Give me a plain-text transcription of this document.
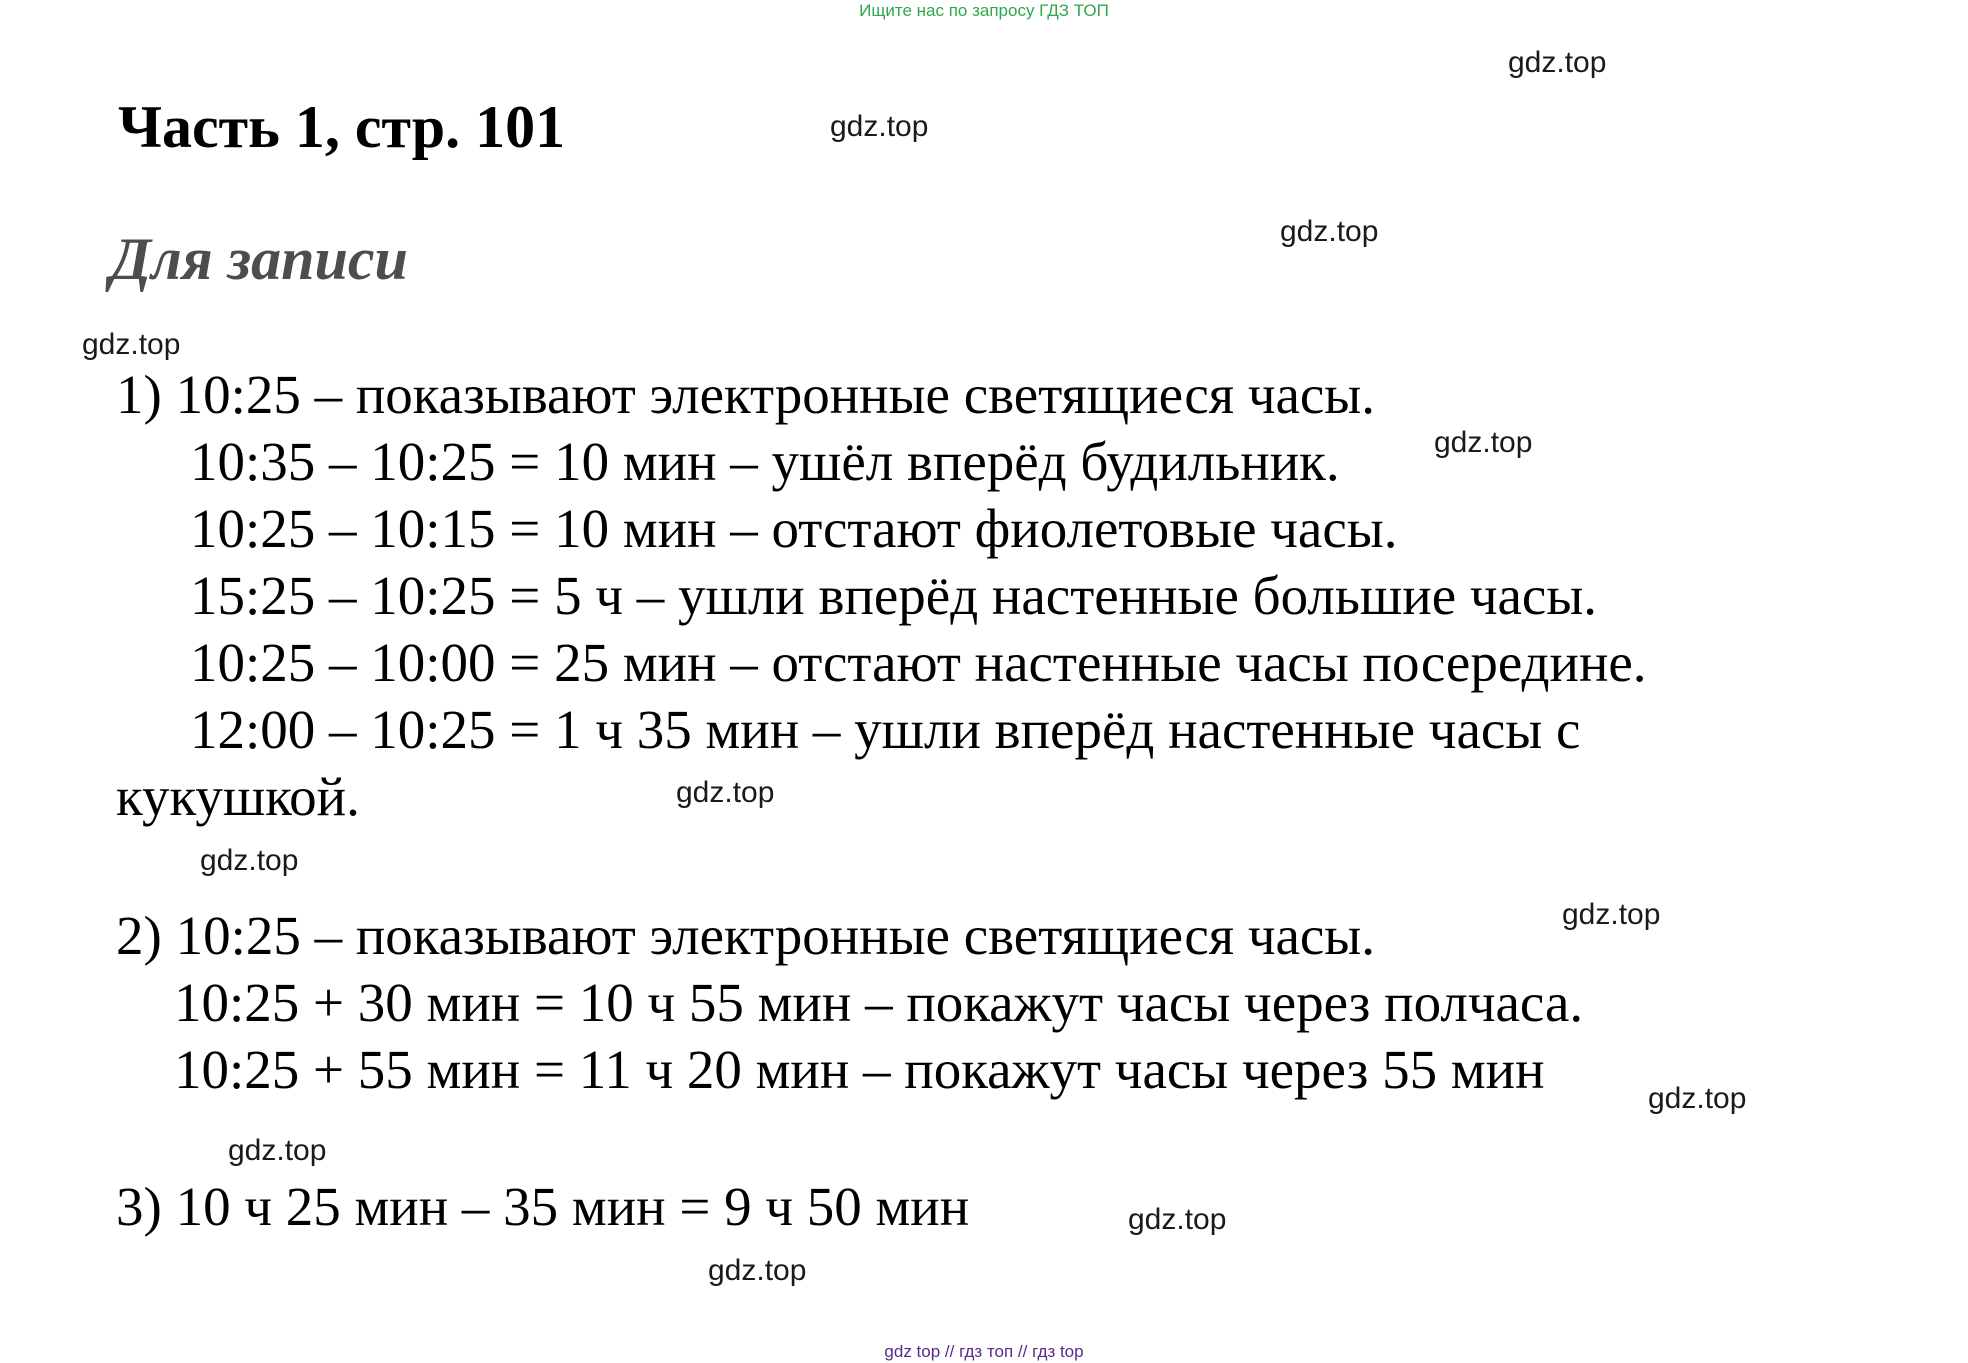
Ищите нас по запросу ГДЗ ТОП
Часть 1, стр. 101
Для записи
1) 10:25 – показывают электронные светящиеся часы.
10:35 – 10:25 = 10 мин – ушёл вперёд будильник.
10:25 – 10:15 = 10 мин – отстают фиолетовые часы.
15:25 – 10:25 = 5 ч – ушли вперёд настенные большие часы.
10:25 – 10:00 = 25 мин – отстают настенные часы посередине.
12:00 – 10:25 = 1 ч 35 мин – ушли вперёд настенные часы с
кукушкой.
2) 10:25 – показывают электронные светящиеся часы.
10:25 + 30 мин = 10 ч 55 мин – покажут часы через полчаса.
10:25 + 55 мин = 11 ч 20 мин – покажут часы через 55 мин
3) 10 ч 25 мин – 35 мин = 9 ч 50 мин
gdz.top
gdz.top
gdz.top
gdz.top
gdz.top
gdz.top
gdz.top
gdz.top
gdz.top
gdz.top
gdz.top
gdz.top
gdz top // гдз топ // гдз top
